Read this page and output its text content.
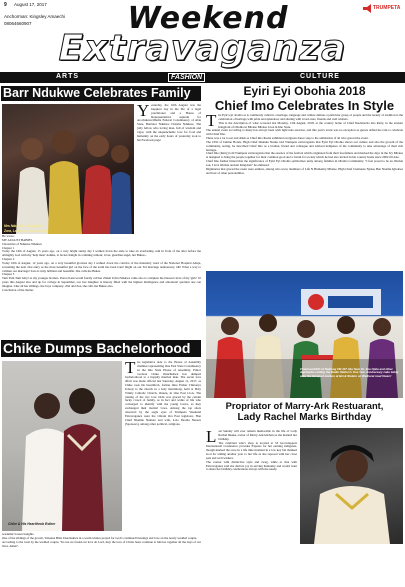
9 August 17, 2017
Anchorman: Kingsley Amaechi
08064660907	Weekend
Extravaganza
TRUMPETA
ARTS	FASHION	CULTURE
Barr Ndukwe Celebrates Family
Mrs Ndukwe & Daughters
Zara, Lawrence & Zizi Hasty
Yesterday, the 16th August was the happiest day in the life of a legal practitioner and a House of Representatives aspirant for Arochukwu/Ohafia Federal Constituency of Abia State, Barrister Ndukwe Chioma Ndukwe. The jolly fellow who loving man, full of wisdom and vigor, with the unquenchable love for food and humanity on the early hours of yesterday took to his Facebook page:
He wrote:
MY AUGUST BABIES.
Chronicles of Ndukwe Ndukwe
Chapter 1
Today the 16th of August, 15 years ago, on a very bright sunny day I walked down the aisle to take an everlasting oath in front of the alter before the Almighty God with my 'help meet' Ashike, to be her Knight in a shining armour, lover, guardian angel, her Bukas...
Chapter 2
Today 16th of August, 12 years ago, on a very beautiful glorious day I walked down the corridor of the maternity ward of the National Hospital Abuja, screaming the next chat entry as the most beautiful girl on the face of the earth has been born! Right on our 3rd marriage anniversary. Oh! What a way to validate our marriage! Zara is truly brilliant and beautiful. She calls me Bukas.
Chapter 3
Tum Tum Tum baby! as my younger brother- Pastor Kani would fondly call her Zizieh Uchu Ndukwe came also to complete the blessed circle of my 'girls' 10 years this August also and up for college in September, our last daughter is literary filled with the highest intelligence and emotional quotient one can imagine. Like all her siblings- the boys company- Zizi and Zee, she calls me Bukas also.
Conclusion of the matter.
Chike Dumps Bachelorhood
Chike & His Heartthrob Esther
The legislative aide to the House of Assembly member representing Ona East State Constituency in the Imo State House of Assembly, Prince Godson Chike Onuchukwu has dumped bachelorhood to a happily married man. The secret love affair was made official last Saturday, August 11, 2017, as Chike took his heartthrob, former miss Esther Chinonye Udeoji to the church in a holy matrimony, held at Holy Trinity Catholic Church, Onuzu, in Ona East LGA. The joining of the two love birds was graced by the certain lucky crowd of family, as in fact and walks of life who converged to identify with the young lovers, as they exchanged their marital vows. Among the top shots observed by the eagle eyes of Trumpeta Weekend Extravaganza were the vibrant Ora East legislator, Hon Chief Nkemie Nemere and wife, Lolo Ifeoma Nzeeze (Sponsors), among other political, religious,
academic bosses/weights.
One of the siblings of the groom, Tobenna Bliss Ukachukwu in a warm wishes prayed for God's continued blessings and love on the newly wedded couple.
According to the toast by the wedded couple, "In one we found our love oh Lord, may the love of Christ Jesus continue to bind us together all the days of our lives. Amen".
Eyiri Eyi Obohia 2018
Chief Imo Celebrates In Style
The Eyiri eyi obohia as is commonly called is a heritage, language and culture defines a particular group of people and the beauty of tradition is the celebration of heritage with pride and splendour, and sharing with loved ones, friends and well wishers.
This is the description of what occurred last Monday, 13th August, 2018, at the country home of Chief Ihecimacha Isio Ratty, in the ancient Kingdom of Obohia in Mbaise Mbaise LGA in Imo State.
The annual event according to many has always been with light nuts exercise, and this year's event was no exception as guests defied the rain to celebrate with Chief Imo.
There was a lot to eat and drink as Chief Imo Ihezie exhibited evergreen dance step to the admiration of all who graced the event.
The CEO of Jamine Hotels, High Chief Imeinke Nzeke told Trumpeta extravaganza that Eyiri Eyi Obohia shows our culture and also the growth of the community, noting, he described Chief Imo as a brother, friend and colleague and advised indigenes of the community to take advantage of their rich heritage.
Chief Imo (Ratty) told Trumpeta extravaganza that the essence of the festival which originated from their forefathers and marked the days in the Ivy Mbaise is designed to bring the people together for their common good and a forum for society which he had also invited in his country home since 2004 till date.
Chief Imo further hinted that the significance of Eyiri Eyi Obohia symbolizes unity among families in Obohia Community. "I feel proud to be an Obohia son, I love Obohia ancient Kingdom" he enthused.
Dignitaries that graced the event were endless, among who were; members of Life N Humanity Mbaise, High Chief Clemenze Njoku, Ben Nnamu Igbokwe and host of other personalities.
Chairman/CEO of Radiung FM 107 Abu Nam Dr. Eze Ojelu and other dignitaries cutting the Radio Station's One Year Anniversary cake today after the Banquet Lecture at Brisk Station on Wetheral road Owerri
Propriator of Marry-Ark Restuarant,
Lady Rachel Marks Birthday
Last Sunday will ever remain memorable in the life of Lady Rachel Okeke, owner of Merry-Ark kitchen as she marked her birthday.
The celebrant who's shop is located at 53 Grovelappers International Conference provides Express for her earning indigenes, though marked the once in a life time moment in a low key but thanked God for adding another year to her life as she reposed with her close pals and well wishers.
The caterer with distinctive style and swag, while at chat with Extravaganza said she derives joy in serving humanity and would want to share her birthday celebrations always with the needy.
